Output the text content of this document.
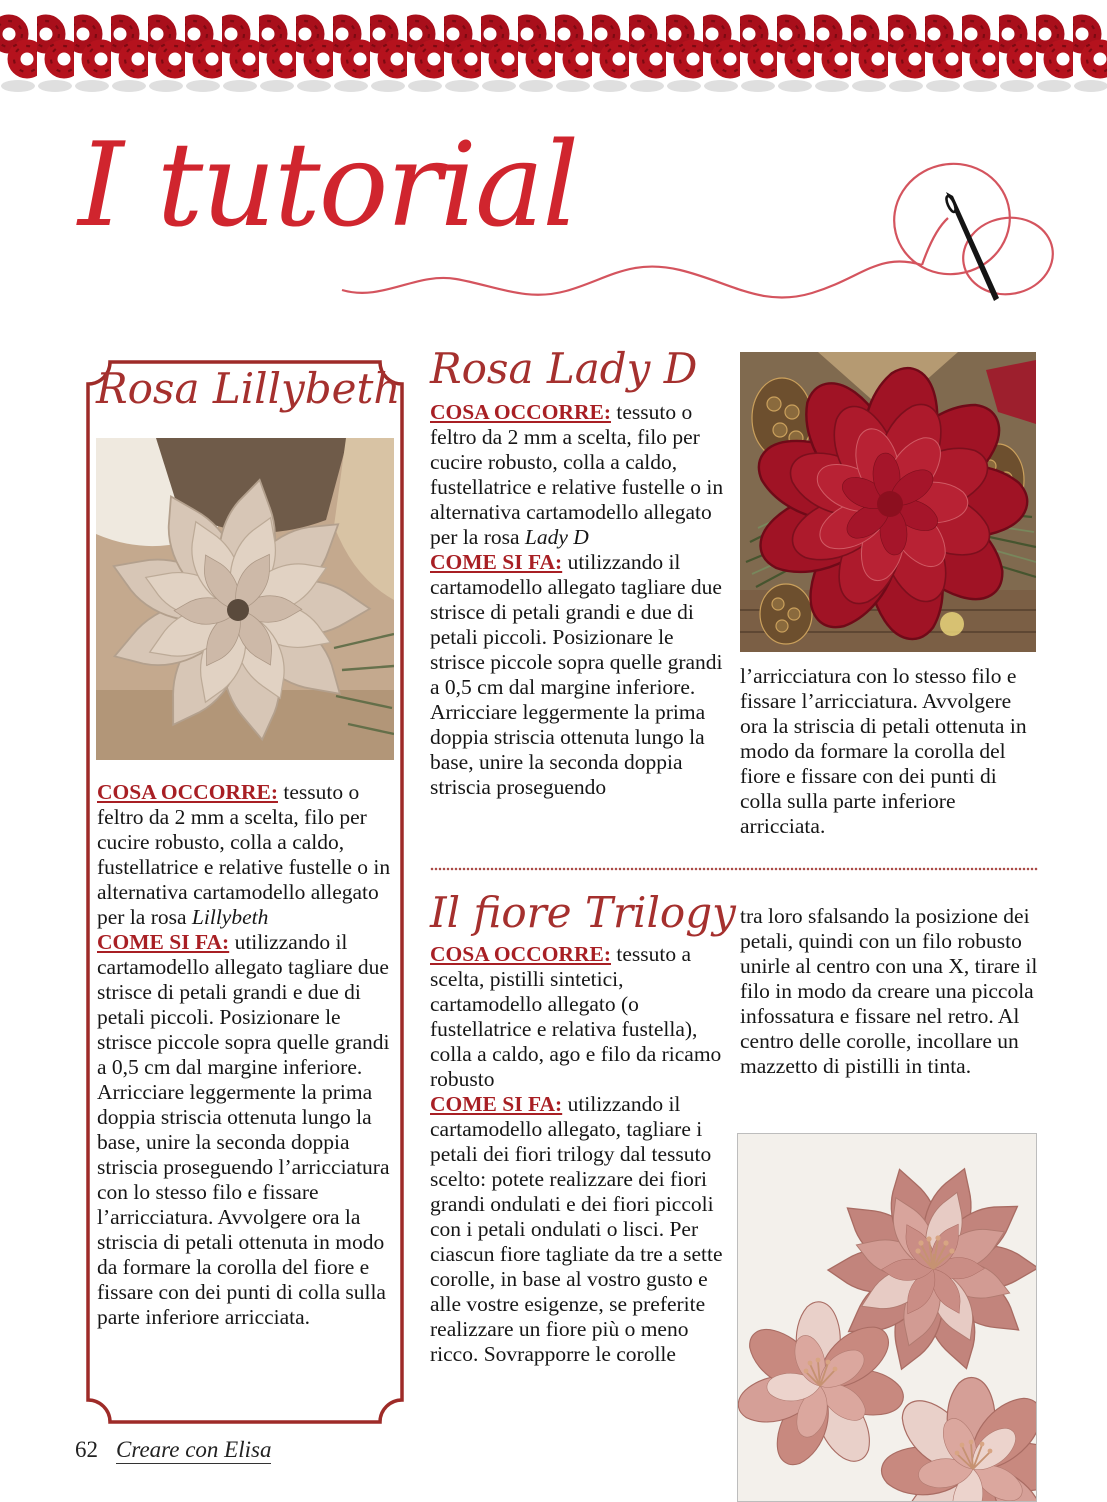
I tutorial
Rosa Lillybeth

COSA OCCORRE: tessuto o feltro da 2 mm a scelta, filo per cucire robusto, colla a caldo, fustellatrice e relative fustelle o in alternativa cartamodello allegato per la rosa Lillybeth
COME SI FA: utilizzando il cartamodello allegato tagliare due strisce di petali grandi e due di petali piccoli. Posizionare le strisce piccole sopra quelle grandi a 0,5 cm dal margine inferiore. Arricciare leggermente la prima doppia striscia ottenuta lungo la base, unire la seconda doppia striscia proseguendo l’arricciatura con lo stesso filo e fissare l’arricciatura. Avvolgere ora la striscia di petali ottenuta in modo da formare la corolla del fiore e fissare con dei punti di colla sulla parte inferiore arricciata.

Rosa Lady D

COSA OCCORRE: tessuto o feltro da 2 mm a scelta, filo per cucire robusto, colla a caldo, fustellatrice e relative fustelle o in alternativa cartamodello allegato per la rosa Lady D
COME SI FA: utilizzando il cartamodello allegato tagliare due strisce di petali grandi e due di petali piccoli. Posizionare le strisce piccole sopra quelle grandi a 0,5 cm dal margine inferiore. Arricciare leggermente la prima doppia striscia ottenuta lungo la base, unire la seconda doppia striscia proseguendo

Il fiore Trilogy

COSA OCCORRE: tessuto a scelta, pistilli sintetici, cartamodello allegato (o fustellatrice e relativa fustella), colla a caldo, ago e filo da ricamo robusto
COME SI FA: utilizzando il cartamodello allegato, tagliare i petali dei fiori trilogy dal tessuto scelto: potete realizzare dei fiori grandi ondulati e dei fiori piccoli con i petali ondulati o lisci. Per ciascun fiore tagliate da tre a sette corolle, in base al vostro gusto e alle vostre esigenze, se preferite realizzare un fiore più o meno ricco. Sovrapporre le corolle

l’arricciatura con lo stesso filo e fissare l’arricciatura. Avvolgere ora la striscia di petali ottenuta in modo da formare la corolla del fiore e fissare con dei punti di colla sulla parte inferiore arricciata.

tra loro sfalsando la posizione dei petali, quindi con un filo robusto unirle al centro con una X, tirare il filo in modo da creare una piccola infossatura e fissare nel retro. Al centro delle corolle, incollare un mazzetto di pistilli in tinta.

62 Creare con Elisa
